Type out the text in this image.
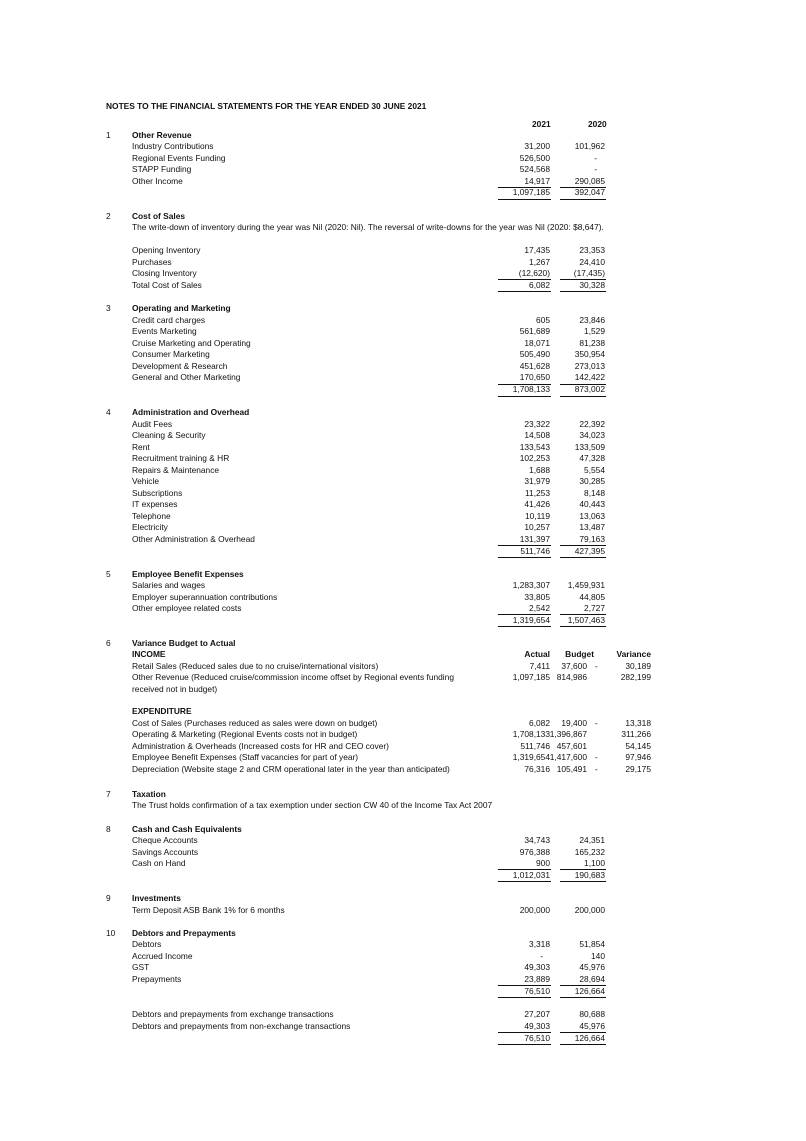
NOTES TO THE FINANCIAL STATEMENTS FOR THE YEAR ENDED 30 JUNE 2021
2021	2020
1	Other Revenue
Industry Contributions	31,200	101,962
Regional Events Funding	526,500	-
STAPP Funding	524,568	-
Other Income	14,917	290,085
1,097,185	392,047
2	Cost of Sales
The write-down of inventory during the year was Nil (2020: Nil). The reversal of write-downs for the year was Nil (2020: $8,647).
Opening Inventory	17,435	23,353
Purchases	1,267	24,410
Closing Inventory	(12,620)	(17,435)
Total Cost of Sales	6,082	30,328
3	Operating and Marketing
Credit card charges	605	23,846
Events Marketing	561,689	1,529
Cruise Marketing and Operating	18,071	81,238
Consumer Marketing	505,490	350,954
Development & Research	451,628	273,013
General and Other Marketing	170,650	142,422
1,708,133	873,002
4	Administration and Overhead
Audit Fees	23,322	22,392
Cleaning & Security	14,508	34,023
Rent	133,543	133,509
Recruitment training & HR	102,253	47,328
Repairs & Maintenance	1,688	5,554
Vehicle	31,979	30,285
Subscriptions	11,253	8,148
IT expenses	41,426	40,443
Telephone	10,119	13,063
Electricity	10,257	13,487
Other Administration & Overhead	131,397	79,163
511,746	427,395
5	Employee Benefit Expenses
Salaries and wages	1,283,307 1,459,931
Employer superannuation contributions	33,805	44,805
Other employee related costs	2,542	2,727
1,319,654 1,507,463
6	Variance Budget to Actual
INCOME	Actual Budget	Variance
Retail Sales (Reduced sales due to no cruise/international visitors)	7,411 37,600 -	30,189
Other Revenue (Reduced cruise/commission income offset by Regional events funding	1,097,185 814,986	282,199
received not in budget)
EXPENDITURE
Cost of Sales (Purchases reduced as sales were down on budget)	6,082 19,400 -	13,318
Operating & Marketing (Regional Events costs not in budget)	1,708,133 1,396,867	311,266
Administration & Overheads (Increased costs for HR and CEO cover)	511,746 457,601	54,145
Employee Benefit Expenses (Staff vacancies for part of year)	1,319,654 1,417,600 -	97,946
Depreciation (Website stage 2 and CRM operational later in the year than anticipated)	76,316 105,491 -	29,175
7	Taxation
The Trust holds confirmation of a tax exemption under section CW 40 of the Income Tax Act 2007
8	Cash and Cash Equivalents
Cheque Accounts	34,743	24,351
Savings Accounts	976,388	165,232
Cash on Hand	900	1,100
1,012,031	190,683
9	Investments
Term Deposit ASB Bank 1% for 6 months	200,000	200,000
10 Debtors and Prepayments
Debtors	3,318	51,854
Accrued Income	-	140
GST	49,303	45,976
Prepayments	23,889	28,694
76,510	126,664
Debtors and prepayments from exchange transactions	27,207	80,688
Debtors and prepayments from non-exchange transactions	49,303	45,976
76,510	126,664
